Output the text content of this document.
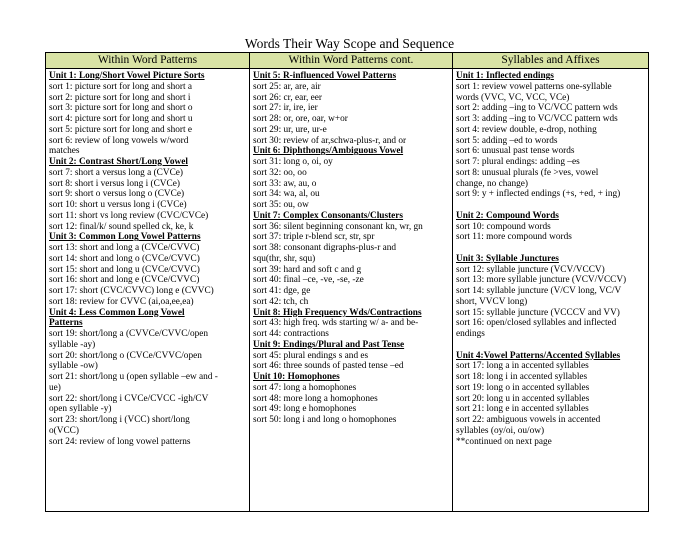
Words Their Way Scope and Sequence
Within Word Patterns
Unit 1: Long/Short Vowel Picture Sorts
sort 1: picture sort for long and short a
sort 2: picture sort for long and short i
sort 3: picture sort for long and short o
sort 4: picture sort for long and short u
sort 5: picture sort for long and short e
sort 6: review of long vowels w/word
matches
Unit 2: Contrast Short/Long Vowel
sort 7: short a versus long a (CVCe)
sort 8: short i versus long i (CVCe)
sort 9: short o versus long o (CVCe)
sort 10: short u versus long i (CVCe)
sort 11: short vs long review (CVC/CVCe)
sort 12: final/k/ sound spelled ck, ke, k
Unit 3: Common Long Vowel Patterns
sort 13: short and long a (CVCe/CVVC)
sort 14: short and long o (CVCe/CVVC)
sort 15: short and long u (CVCe/CVVC)
sort 16: short and long e (CVCe/CVVC)
sort 17: short (CVC/CVVC) long e (CVVC)
sort 18: review for CVVC (ai,oa,ee,ea)
Unit 4: Less Common Long Vowel
Patterns
sort 19: short/long a (CVVCe/CVVC/open
syllable -ay)
sort 20: short/long o (CVCe/CVVC/open
syllable -ow)
sort 21: short/long u (open syllable –ew and -
ue)
sort 22: short/long i CVCe/CVCC -igh/CV
open syllable -y)
sort 23: short/long i (VCC) short/long
o(VCC)
sort 24: review of long vowel patterns
Within Word Patterns cont.
Unit 5: R-influenced Vowel Patterns
sort 25: ar, are, air
sort 26: cr, ear, eer
sort 27: ir, ire, ier
sort 28: or, ore, oar, w+or
sort 29: ur, ure, ur-e
sort 30: review of ar,schwa-plus-r, and or
Unit 6: Diphthongs/Ambiguous Vowel
sort 31: long o, oi, oy
sort 32: oo, oo
sort 33: aw, au, o
sort 34: wa, al, ou
sort 35: ou, ow
Unit 7: Complex Consonants/Clusters
sort 36: silent beginning consonant kn, wr, gn
sort 37: triple r-blend scr, str, spr
sort 38: consonant digraphs-plus-r and
squ(thr, shr, squ)
sort 39: hard and soft c and g
sort 40: final –ce, -ve, -se, -ze
sort 41: dge, ge
sort 42: tch, ch
Unit 8: High Frequency Wds/Contractions
sort 43: high freq. wds starting w/ a- and be-
sort 44: contractions
Unit 9: Endings/Plural and Past Tense
sort 45: plural endings s and es
sort 46: three sounds of pasted tense –ed
Unit 10: Homophones
sort 47: long a homophones
sort 48: more long a homophones
sort 49: long e homophones
sort 50: long i and long o homophones
Syllables and Affixes
Unit 1: Inflected endings
sort 1: review vowel patterns one-syllable
words (VVC, VC, VCC, VCe)
sort 2: adding –ing to VC/VCC pattern wds
sort 3: adding –ing to VC/VCC pattern wds
sort 4: review double, e-drop, nothing
sort 5: adding –ed to words
sort 6: unusual past tense words
sort 7: plural endings: adding –es
sort 8: unusual plurals (fe >ves, vowel
change, no change)
sort 9: y + inflected endings (+s, +ed, + ing)
Unit 2: Compound Words
sort 10: compound words
sort 11: more compound words
Unit 3: Syllable Junctures
sort 12: syllable juncture (VCV/VCCV)
sort 13: more syllable juncture (VCV/VCCV)
sort 14: syllable juncture (V/CV long, VC/V
short, VVCV long)
sort 15: syllable juncture (VCCCV and VV)
sort 16: open/closed syllables and inflected
endings
Unit 4:Vowel Patterns/Accented Syllables
sort 17: long a in accented syllables
sort 18: long i in accented syllables
sort 19: long o in accented syllables
sort 20: long u in accented syllables
sort 21: long e in accented syllables
sort 22: ambiguous vowels in accented
syllables (oy/oi, ou/ow)
**continued on next page
